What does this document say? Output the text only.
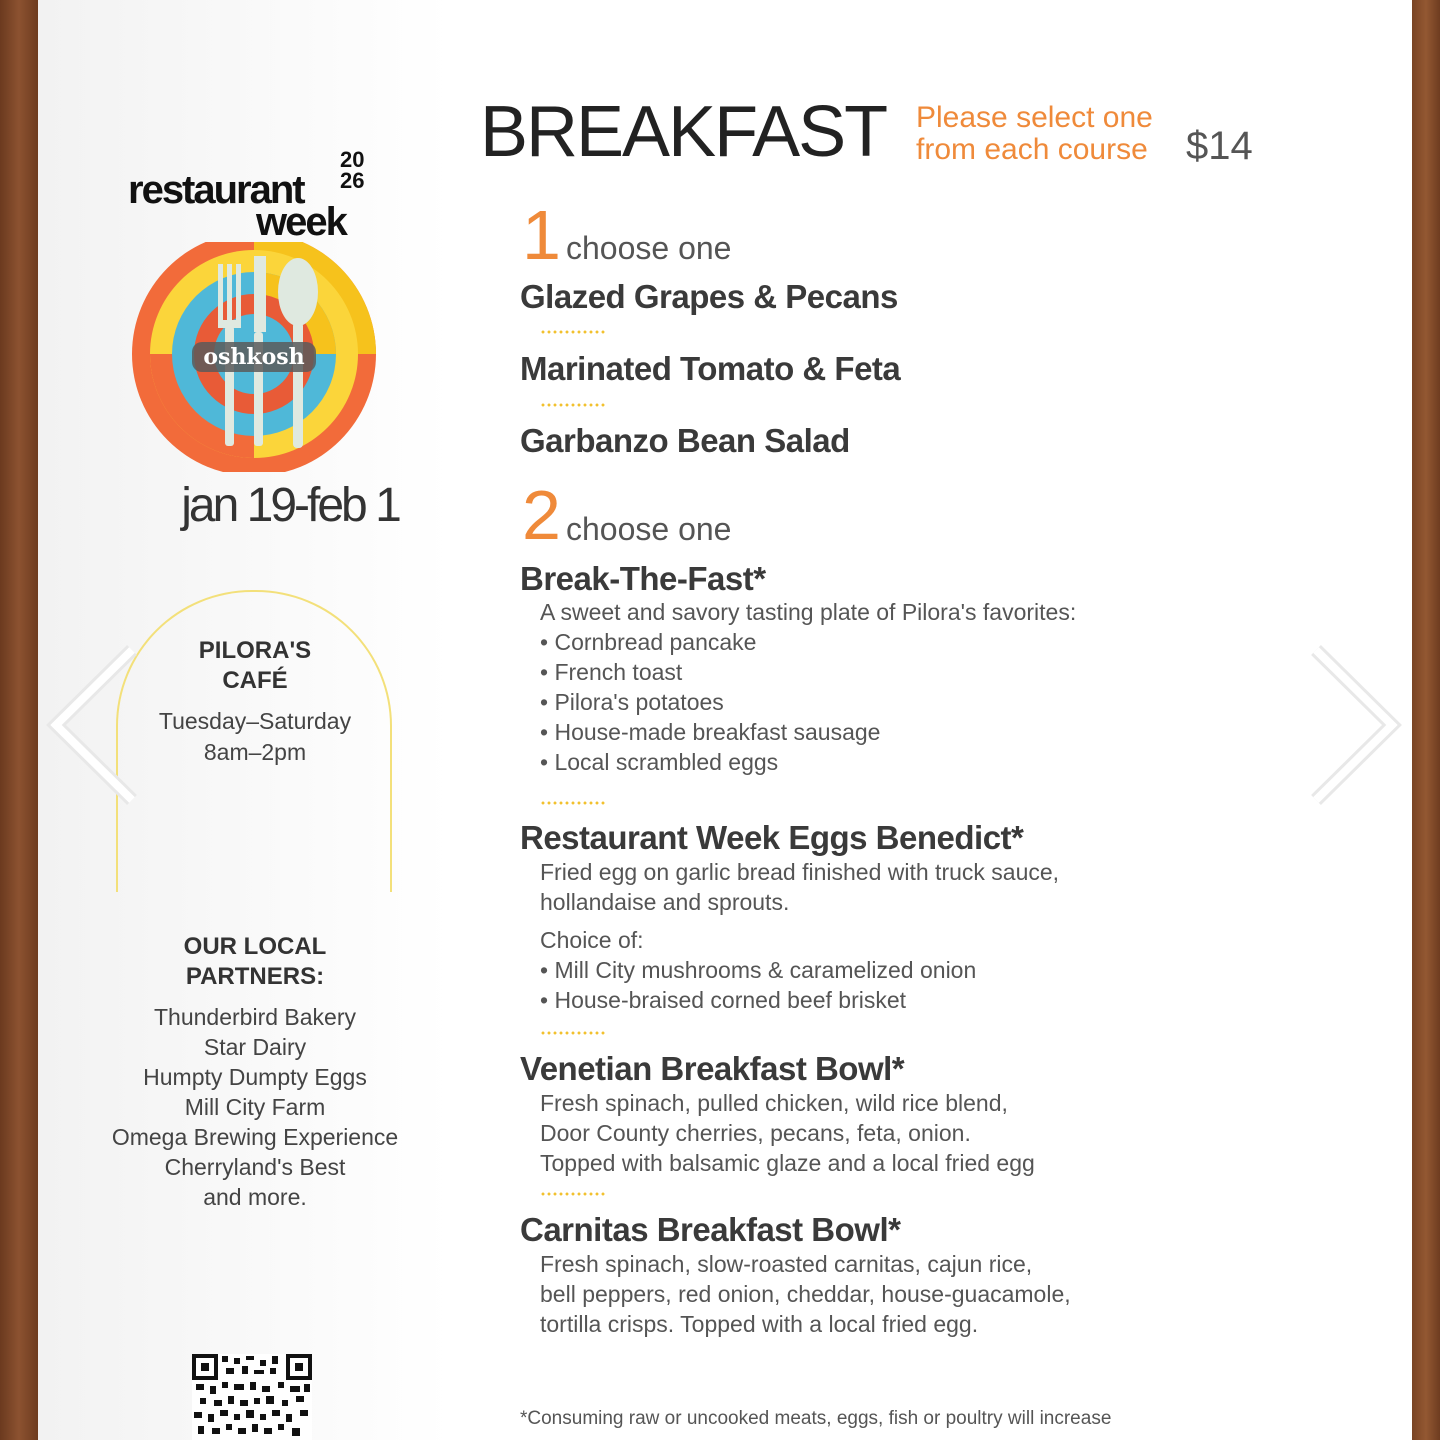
20 26
restaurant
week
oshkosh
jan 19-feb 1
PILORA'S
CAFÉ
Tuesday–Saturday
8am–2pm
OUR LOCAL
PARTNERS:
Thunderbird Bakery
Star Dairy
Humpty Dumpty Eggs
Mill City Farm
Omega Brewing Experience
Cherryland's Best
and more.
BREAKFAST Please select one
from each course $14
1 choose one
Glazed Grapes & Pecans
Marinated Tomato & Feta
Garbanzo Bean Salad
2 choose one
Break-The-Fast*
A sweet and savory tasting plate of Pilora's favorites:
• Cornbread pancake
• French toast
• Pilora's potatoes
• House-made breakfast sausage
• Local scrambled eggs
Restaurant Week Eggs Benedict*
Fried egg on garlic bread finished with truck sauce,
hollandaise and sprouts.
Choice of:
• Mill City mushrooms & caramelized onion
• House-braised corned beef brisket
Venetian Breakfast Bowl*
Fresh spinach, pulled chicken, wild rice blend,
Door County cherries, pecans, feta, onion.
Topped with balsamic glaze and a local fried egg
Carnitas Breakfast Bowl*
Fresh spinach, slow-roasted carnitas, cajun rice,
bell peppers, red onion, cheddar, house-guacamole,
tortilla crisps. Topped with a local fried egg.
*Consuming raw or uncooked meats, eggs, fish or poultry will increase
